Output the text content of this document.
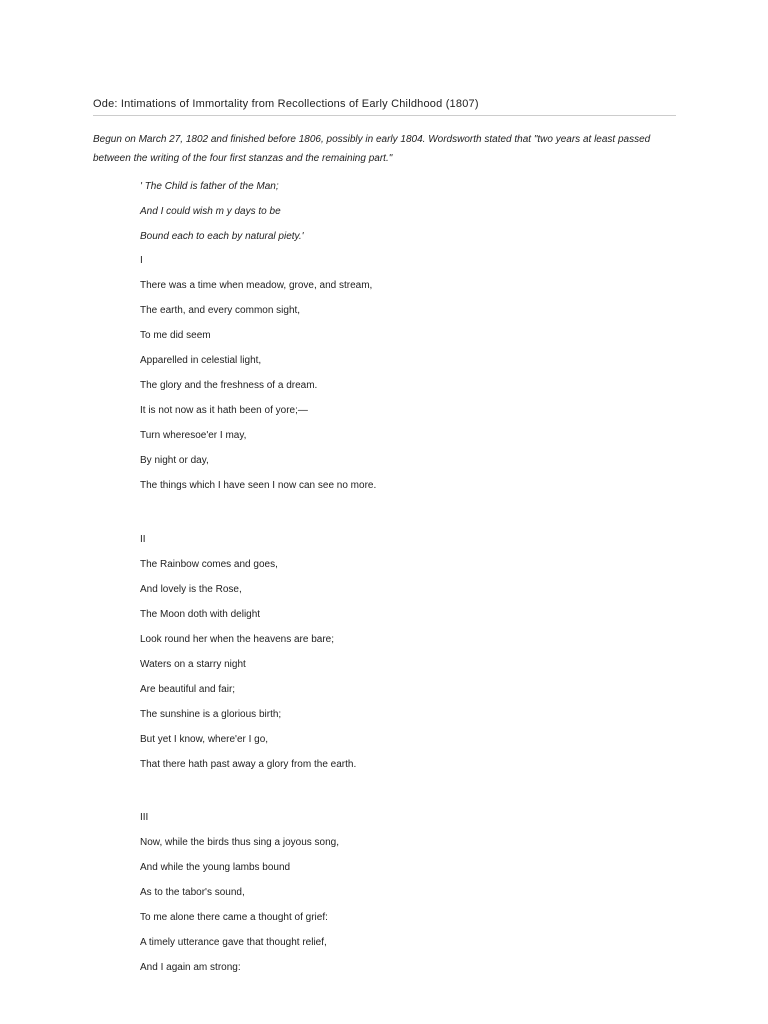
Ode: Intimations of Immortality from Recollections of Early Childhood (1807)
Begun on March 27, 1802 and finished before 1806, possibly in early 1804. Wordsworth stated that "two years at least passed between the writing of the four first stanzas and the remaining part."
' The Child is father of the Man;
And I could wish m y days to be
Bound each to each by natural piety.'
I
There was a time when meadow, grove, and stream,
The earth, and every common sight,
To me did seem
Apparelled in celestial light,
The glory and the freshness of a dream.
It is not now as it hath been of yore;—
Turn wheresoe'er I may,
By night or day,
The things which I have seen I now can see no more.
II
The Rainbow comes and goes,
And lovely is the Rose,
The Moon doth with delight
Look round her when the heavens are bare;
Waters on a starry night
Are beautiful and fair;
The sunshine is a glorious birth;
But yet I know, where'er I go,
That there hath past away a glory from the earth.
III
Now, while the birds thus sing a joyous song,
And while the young lambs bound
As to the tabor's sound,
To me alone there came a thought of grief:
A timely utterance gave that thought relief,
And I again am strong:
